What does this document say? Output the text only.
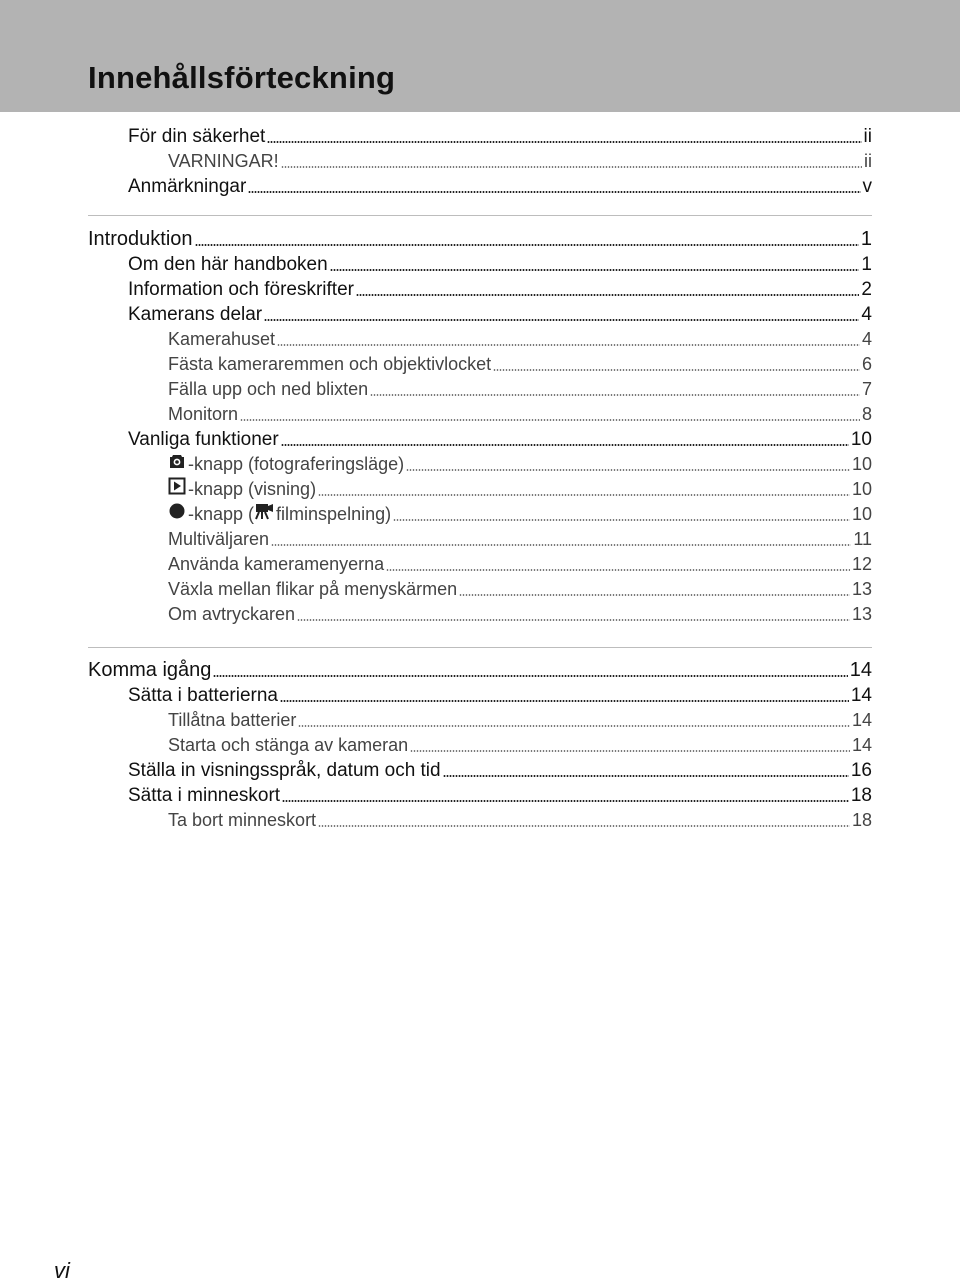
Innehållsförteckning
För din säkerhet	ii
VARNINGAR!	ii
Anmärkningar	v
Introduktion	1
Om den här handboken	1
Information och föreskrifter	2
Kamerans delar	4
Kamerahuset	4
Fästa kameraremmen och objektivlocket	6
Fälla upp och ned blixten	7
Monitorn	8
Vanliga funktioner	10
-knapp (fotograferingsläge)	10
-knapp (visning)	10
-knapp ( filminspelning)	10
Multiväljaren	11
Använda kameramenyerna	12
Växla mellan flikar på menyskärmen	13
Om avtryckaren	13
Komma igång	14
Sätta i batterierna	14
Tillåtna batterier	14
Starta och stänga av kameran	14
Ställa in visningsspråk, datum och tid	16
Sätta i minneskort	18
Ta bort minneskort	18
vi
